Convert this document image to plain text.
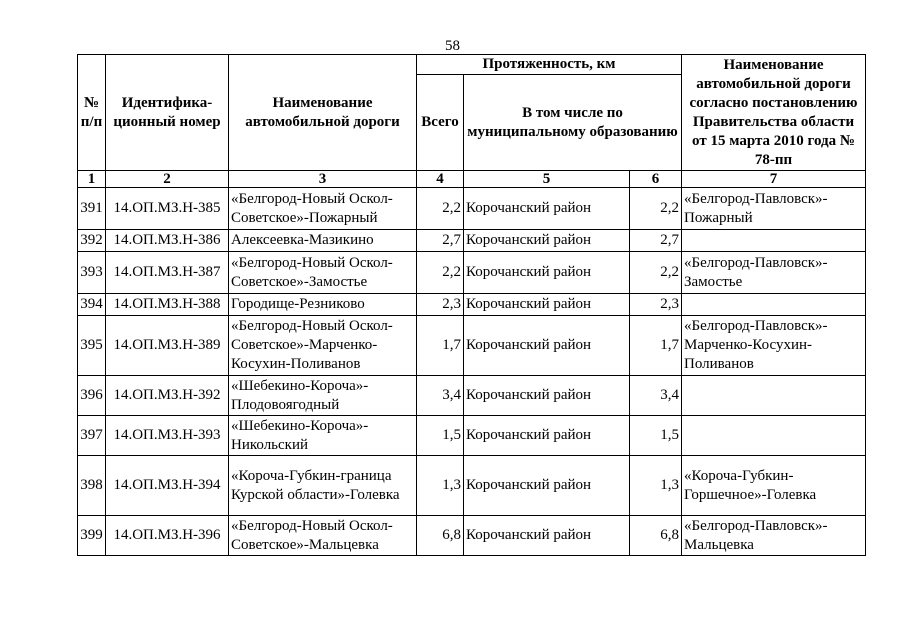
58
№ п/п	Идентифика-ционный номер	Наименование автомобильной дороги	Протяженность, км			Наименование автомобильной дороги согласно постановлению Правительства области от 15 марта 2010 года № 78-пп
			Всего	В том числе по муниципальному образованию		
1	2	3	4	5	6	7
391	14.ОП.МЗ.Н-385	«Белгород-Новый Оскол-Советское»-Пожарный	2,2	Корочанский район	2,2	«Белгород-Павловск»-Пожарный
392	14.ОП.МЗ.Н-386	Алексеевка-Мазикино	2,7	Корочанский район	2,7	
393	14.ОП.МЗ.Н-387	«Белгород-Новый Оскол-Советское»-Замостье	2,2	Корочанский район	2,2	«Белгород-Павловск»-Замостье
394	14.ОП.МЗ.Н-388	Городище-Резниково	2,3	Корочанский район	2,3	
395	14.ОП.МЗ.Н-389	«Белгород-Новый Оскол-Советское»-Марченко-Косухин-Поливанов	1,7	Корочанский район	1,7	«Белгород-Павловск»-Марченко-Косухин-Поливанов
396	14.ОП.МЗ.Н-392	«Шебекино-Короча»-Плодовоягодный	3,4	Корочанский район	3,4	
397	14.ОП.МЗ.Н-393	«Шебекино-Короча»-Никольский	1,5	Корочанский район	1,5	
398	14.ОП.МЗ.Н-394	«Короча-Губкин-граница Курской области»-Голевка	1,3	Корочанский район	1,3	«Короча-Губкин-Горшечное»-Голевка
399	14.ОП.МЗ.Н-396	«Белгород-Новый Оскол-Советское»-Мальцевка	6,8	Корочанский район	6,8	«Белгород-Павловск»-Мальцевка
